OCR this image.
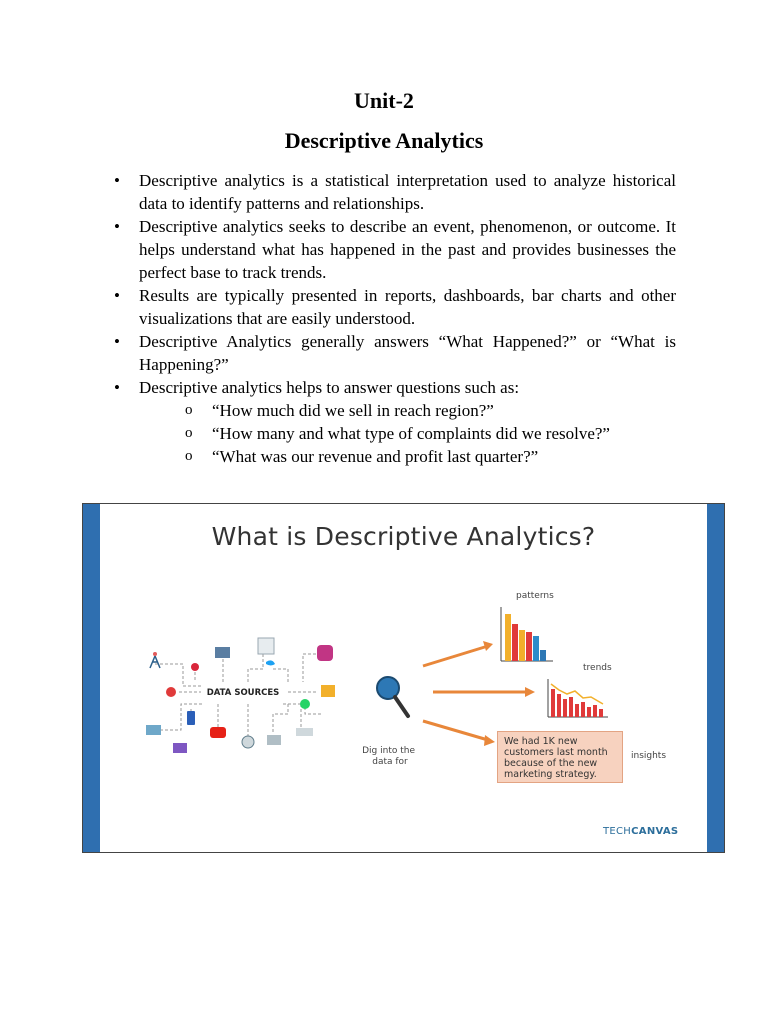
Unit-2
Descriptive Analytics
• Descriptive analytics is a statistical interpretation used to analyze historical data to identify patterns and relationships.
• Descriptive analytics seeks to describe an event, phenomenon, or outcome. It helps understand what has happened in the past and provides businesses the perfect base to track trends.
• Results are typically presented in reports, dashboards, bar charts and other visualizations that are easily understood.
• Descriptive Analytics generally answers “What Happened?” or “What is Happening?”
• Descriptive analytics helps to answer questions such as:
o “How much did we sell in reach region?”
o “How many and what type of complaints did we resolve?”
o “What was our revenue and profit last quarter?”
What is Descriptive Analytics?
DATA SOURCES
Dig into the data for
patterns
trends
insights
We had 1K new customers last month because of the new marketing strategy.
TECHCANVAS
